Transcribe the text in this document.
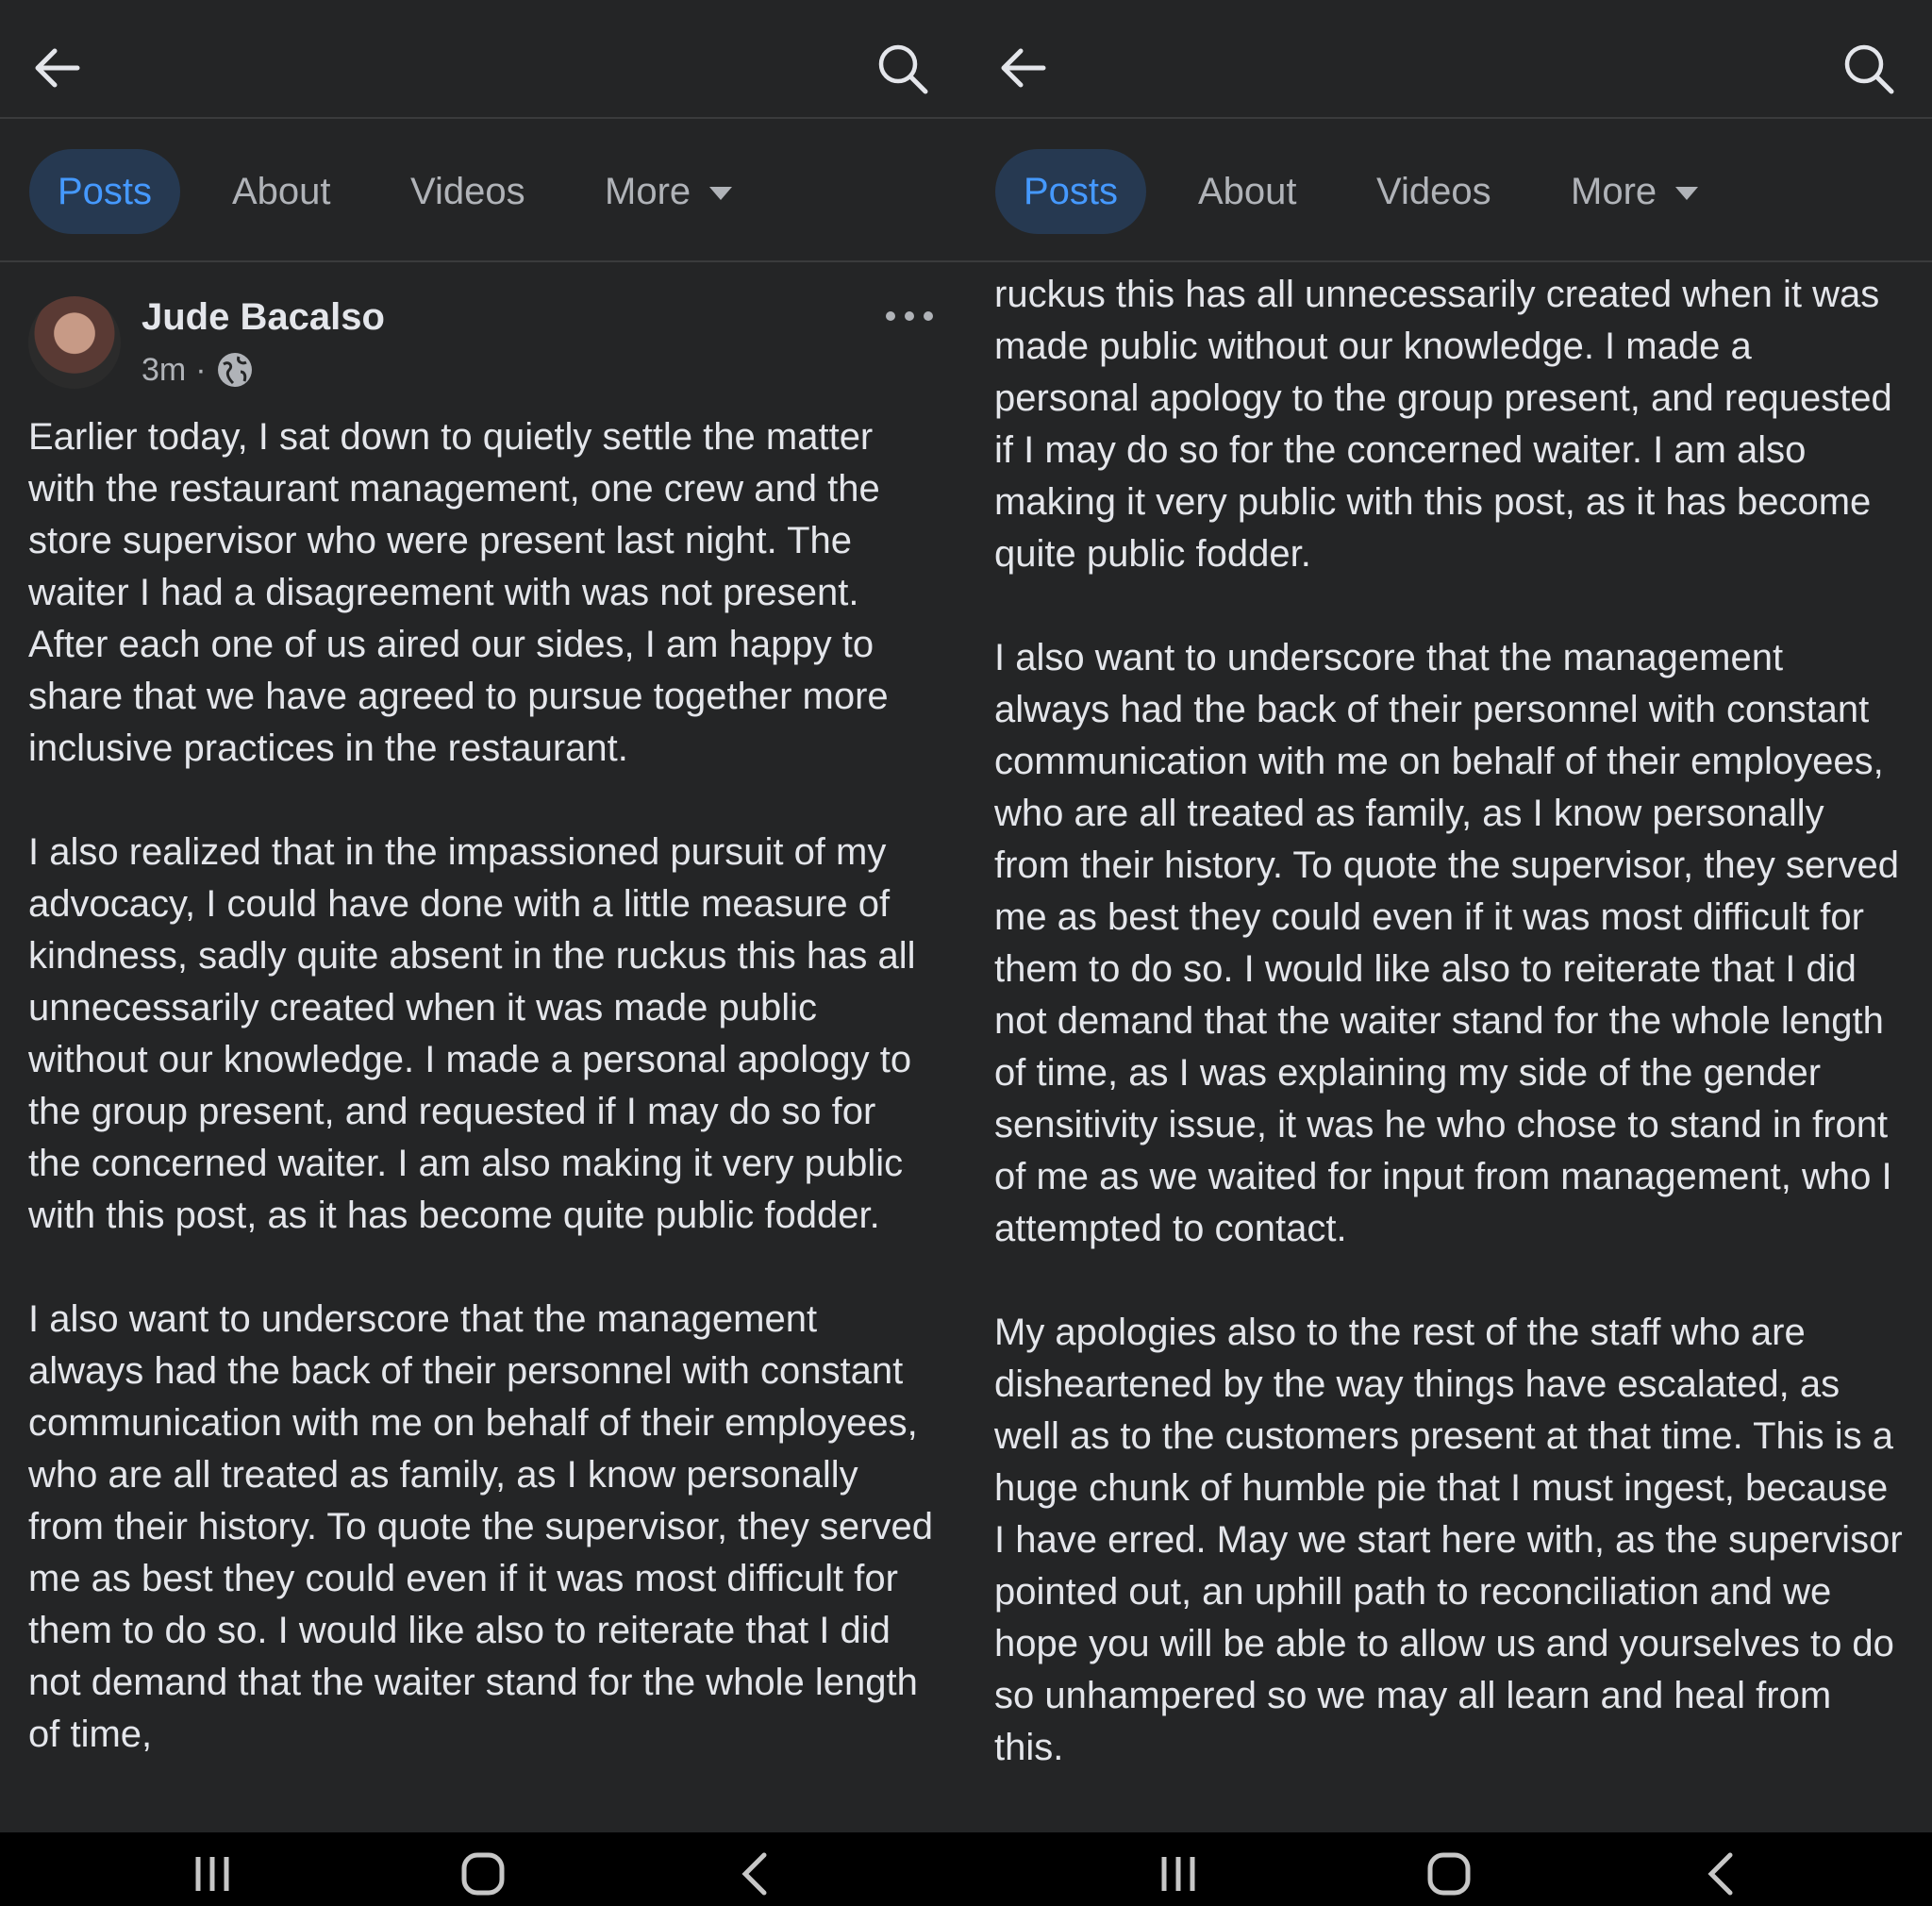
Posts	About Videos More
Jude Bacalso
3m ·

Earlier today, I sat down to quietly settle the matter with the restaurant management, one crew and the store supervisor who were present last night. The waiter I had a disagreement with was not present. After each one of us aired our sides, I am happy to share that we have agreed to pursue together more inclusive practices in the restaurant.

I also realized that in the impassioned pursuit of my advocacy, I could have done with a little measure of kindness, sadly quite absent in the ruckus this has all unnecessarily created when it was made public without our knowledge. I made a personal apology to the group present, and requested if I may do so for the concerned waiter. I am also making it very public with this post, as it has become quite public fodder.

I also want to underscore that the management always had the back of their personnel with constant communication with me on behalf of their employees, who are all treated as family, as I know personally from their history. To quote the supervisor, they served me as best they could even if it was most difficult for them to do so. I would like also to reiterate that I did not demand that the waiter stand for the whole length of time,

ruckus this has all unnecessarily created when it was made public without our knowledge. I made a personal apology to the group present, and requested if I may do so for the concerned waiter. I am also making it very public with this post, as it has become quite public fodder.

I also want to underscore that the management always had the back of their personnel with constant communication with me on behalf of their employees, who are all treated as family, as I know personally from their history. To quote the supervisor, they served me as best they could even if it was most difficult for them to do so. I would like also to reiterate that I did not demand that the waiter stand for the whole length of time, as I was explaining my side of the gender sensitivity issue, it was he who chose to stand in front of me as we waited for input from management, who I attempted to contact.

My apologies also to the rest of the staff who are disheartened by the way things have escalated, as well as to the customers present at that time. This is a huge chunk of humble pie that I must ingest, because I have erred. May we start here with, as the supervisor pointed out, an uphill path to reconciliation and we hope you will be able to allow us and yourselves to do so unhampered so we may all learn and heal from this.

Posts	About Videos More
